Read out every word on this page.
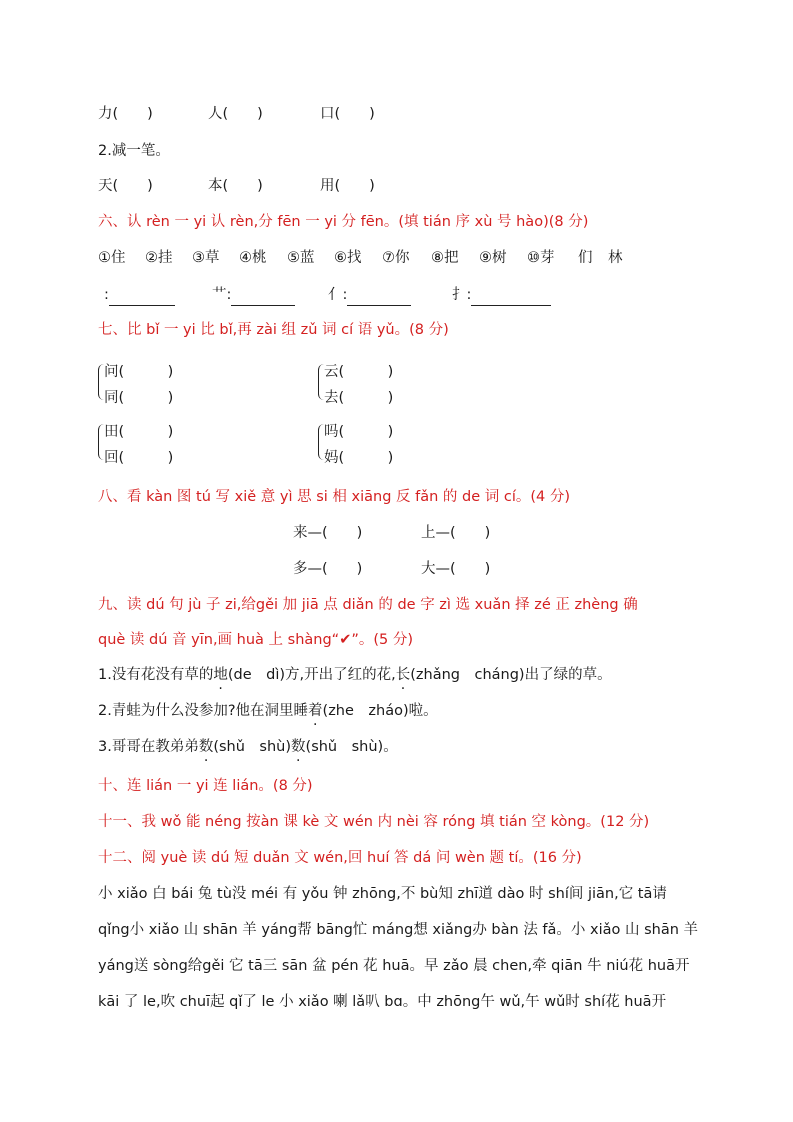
力(　　)	人(　　)	口(　　)
2.减一笔。
天(　　)	本(　　)	用(　　)
六、认 rèn 一 yi 认 rèn,分 fēn 一 yi 分 fēn。(填 tián 序 xù 号 hào)(8 分)
①住 ②挂 ③草 ④桃 ⑤蓝 ⑥找 ⑦你 ⑧把 ⑨树 ⑩芽 们 林
:	艹:	亻:	扌:
七、比 bǐ 一 yi 比 bǐ,再 zài 组 zǔ 词 cí 语 yǔ。(8 分)
问(　　　)
同(　　　)
云(　　　)
去(　　　)
田(　　　)
回(　　　)
吗(　　　)
妈(　　　)
八、看 kàn 图 tú 写 xiě 意 yì 思 si 相 xiāng 反 fǎn 的 de 词 cí。(4 分)
来—(　　)	上—(　　)
多—(　　)	大—(　　)
九、读 dú 句 jù 子 zi,给gěi 加 jiā 点 diǎn 的 de 字 zì 选 xuǎn 择 zé 正 zhèng 确
què 读 dú 音 yīn,画 huà 上 shàng“✔”。(5 分)
1.没有花没有草的地(de　dì)方,开出了红的花,长(zhǎng　cháng)出了绿的草。
2.青蛙为什么没参加?他在洞里睡着(zhe　zháo)啦。
3.哥哥在教弟弟数(shǔ　shù)数(shǔ　shù)。
十、连 lián 一 yi 连 lián。(8 分)
十一、我 wǒ 能 néng 按àn 课 kè 文 wén 内 nèi 容 róng 填 tián 空 kòng。(12 分)
十二、阅 yuè 读 dú 短 duǎn 文 wén,回 huí 答 dá 问 wèn 题 tí。(16 分)
小 xiǎo 白 bái 兔 tù没 méi 有 yǒu 钟 zhōng,不 bù知 zhī道 dào 时 shí间 jiān,它 tā请
qǐng小 xiǎo 山 shān 羊 yáng帮 bāng忙 máng想 xiǎng办 bàn 法 fǎ。小 xiǎo 山 shān 羊
yáng送 sòng给gěi 它 tā三 sān 盆 pén 花 huā。早 zǎo 晨 chen,牵 qiān 牛 niú花 huā开
kāi 了 le,吹 chuī起 qǐ了 le 小 xiǎo 喇 lǎ叭 bɑ。中 zhōng午 wǔ,午 wǔ时 shí花 huā开
